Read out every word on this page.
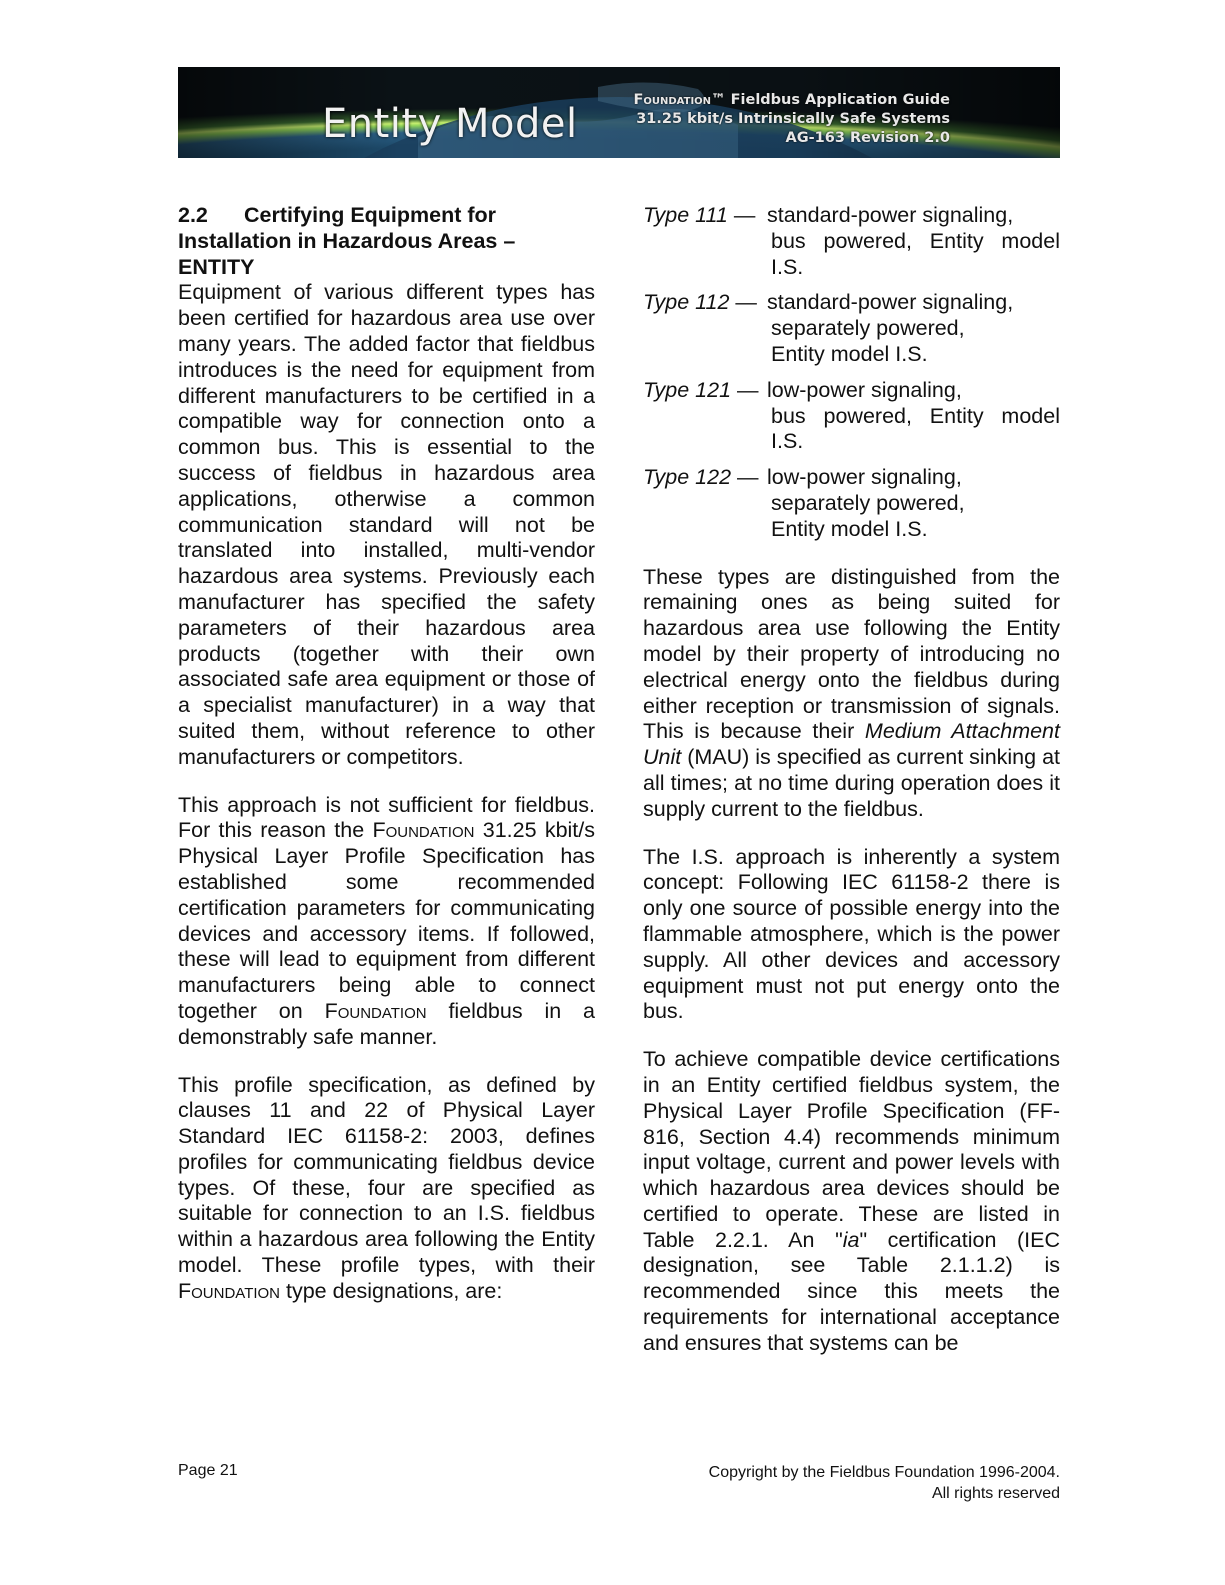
Entity Model
Foundation™ Fieldbus Application Guide
31.25 kbit/s Intrinsically Safe Systems
AG-163 Revision 2.0
2.2	Certifying Equipment for
Installation in Hazardous Areas –
ENTITY

Equipment of various different types has been certified for hazardous area use over many years. The added factor that fieldbus introduces is the need for equipment from different manufacturers to be certified in a compatible way for connection onto a common bus. This is essential to the success of fieldbus in hazardous area applications, otherwise a common communication standard will not be translated into installed, multi-vendor hazardous area systems. Previously each manufacturer has specified the safety parameters of their hazardous area products (together with their own associated safe area equipment or those of a specialist manufacturer) in a way that suited them, without reference to other manufacturers or competitors.

This approach is not sufficient for fieldbus. For this reason the Foundation 31.25 kbit/s Physical Layer Profile Specification has established some recommended certification parameters for communicating devices and accessory items. If followed, these will lead to equipment from different manufacturers being able to connect together on Foundation fieldbus in a demonstrably safe manner.

This profile specification, as defined by clauses 11 and 22 of Physical Layer Standard IEC 61158-2: 2003, defines profiles for communicating fieldbus device types. Of these, four are specified as suitable for connection to an I.S. fieldbus within a hazardous area following the Entity model. These profile types, with their Foundation type designations, are:

Type 111 — standard-power signaling,
bus powered, Entity model
I.S.
Type 112 — standard-power signaling,
separately powered,
Entity model I.S.
Type 121 — low-power signaling,
bus powered, Entity model
I.S.
Type 122 — low-power signaling,
separately powered,
Entity model I.S.

These types are distinguished from the remaining ones as being suited for hazardous area use following the Entity model by their property of introducing no electrical energy onto the fieldbus during either reception or transmission of signals. This is because their Medium Attachment Unit (MAU) is specified as current sinking at all times; at no time during operation does it supply current to the fieldbus.

The I.S. approach is inherently a system concept: Following IEC 61158-2 there is only one source of possible energy into the flammable atmosphere, which is the power supply. All other devices and accessory equipment must not put energy onto the bus.

To achieve compatible device certifications in an Entity certified fieldbus system, the Physical Layer Profile Specification (FF-816, Section 4.4) recommends minimum input voltage, current and power levels with which hazardous area devices should be certified to operate. These are listed in Table 2.2.1. An "ia" certification (IEC designation, see Table 2.1.1.2) is recommended since this meets the requirements for international acceptance and ensures that systems can be

Page 21	Copyright by the Fieldbus Foundation 1996-2004.
All rights reserved
